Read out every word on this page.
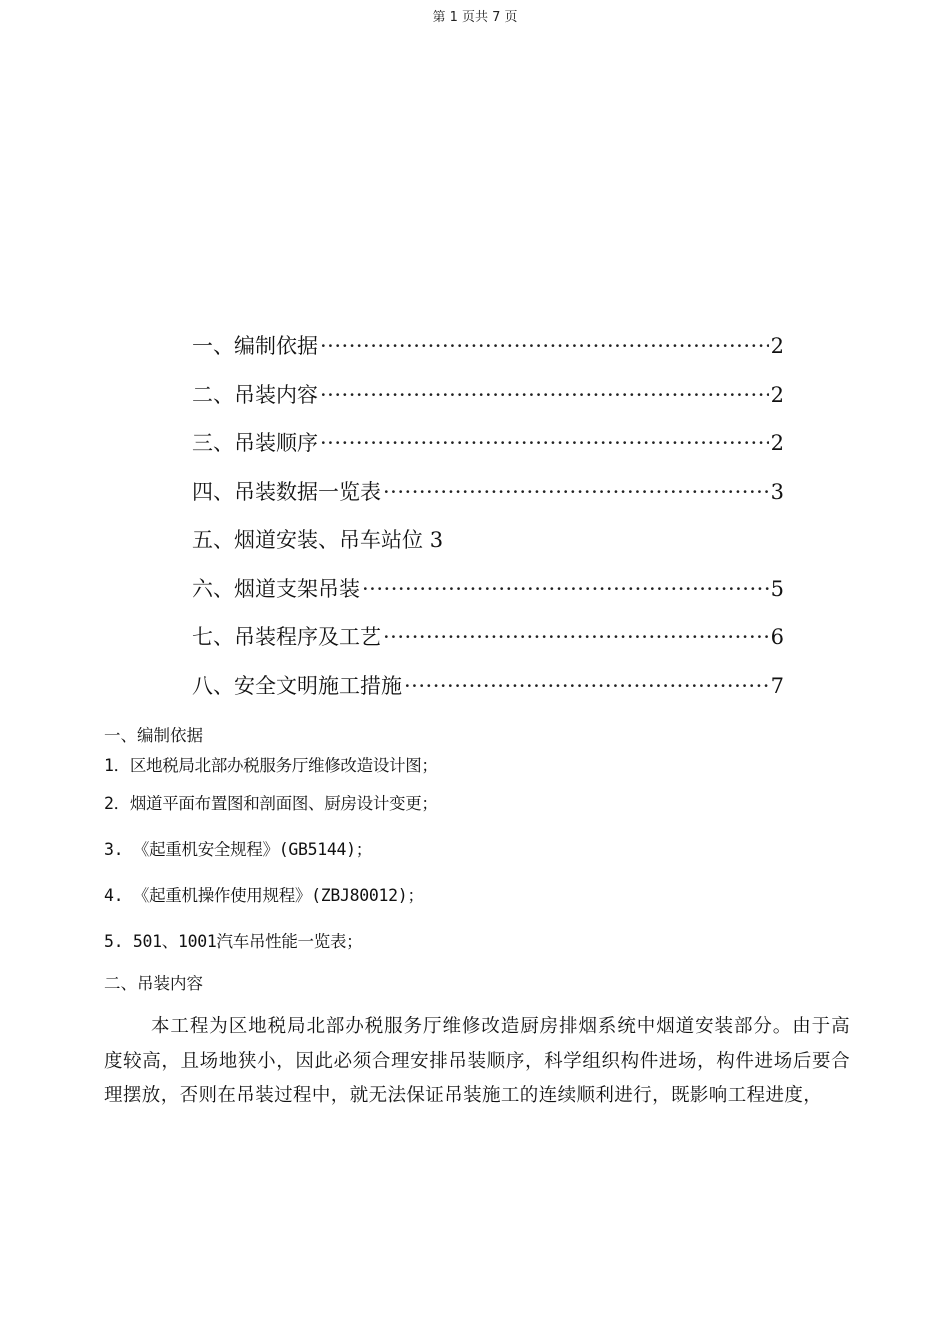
第 1 页共 7 页
一、编制依据 ·····	2
二、吊装内容 ·····	2
三、吊装顺序 ·····	2
四、吊装数据一览表 ·····	3
五、烟道安装、吊车站位 3
六、烟道支架吊装 ·····	5
七、吊装程序及工艺 ·····	6
八、安全文明施工措施 ·····	7

一、编制依据

1．区地税局北部办税服务厅维修改造设计图；

2．烟道平面布置图和剖面图、厨房设计变更；

3. 《起重机安全规程》(GB5144)；

4. 《起重机操作使用规程》(ZBJ80012)；

5. 501、1001汽车吊性能一览表；

二、吊装内容

本工程为区地税局北部办税服务厅维修改造厨房排烟系统中烟道安装部分。由于高度较高，且场地狭小，因此必须合理安排吊装顺序，科学组织构件进场，构件进场后要合理摆放，否则在吊装过程中，就无法保证吊装施工的连续顺利进行，既影响工程进度，
